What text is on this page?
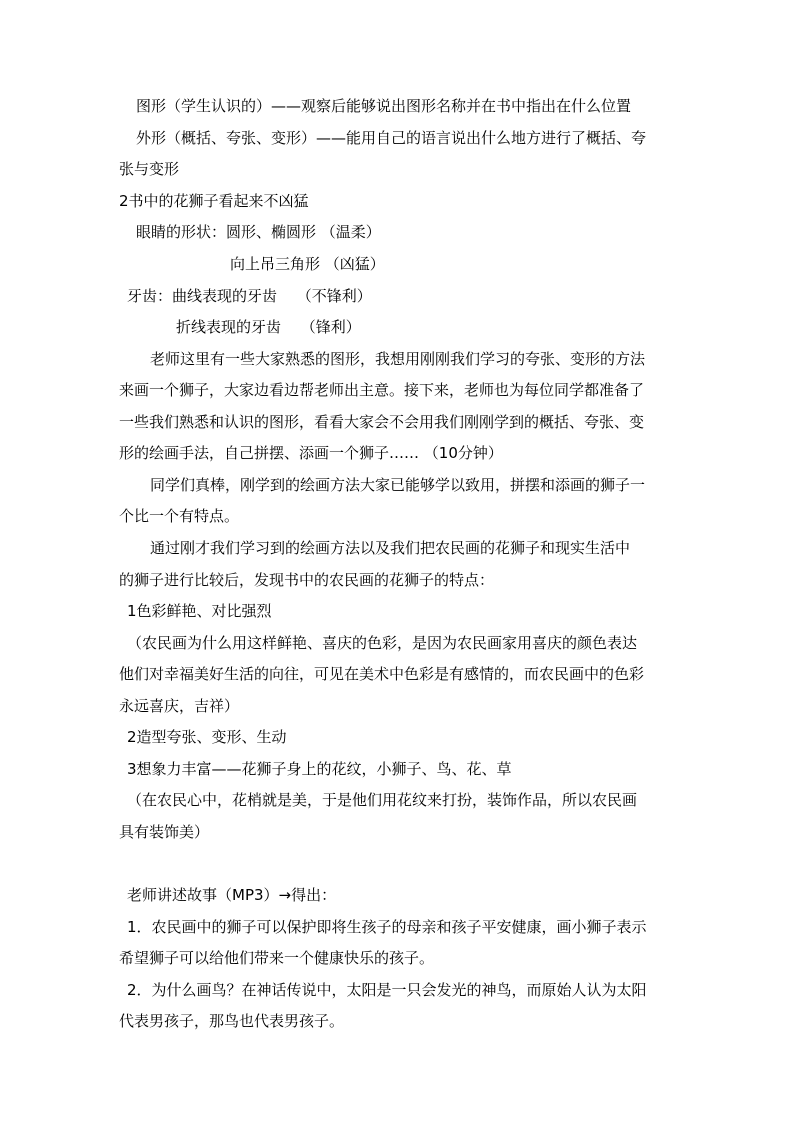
图形（学生认识的）——观察后能够说出图形名称并在书中指出在什么位置
外形（概括、夸张、变形）——能用自己的语言说出什么地方进行了概括、夸
张与变形
2书中的花狮子看起来不凶猛
眼睛的形状：圆形、椭圆形 （温柔）
向上吊三角形 （凶猛）
牙齿：曲线表现的牙齿　 （不锋利）
折线表现的牙齿　 （锋利）
老师这里有一些大家熟悉的图形，我想用刚刚我们学习的夸张、变形的方法
来画一个狮子，大家边看边帮老师出主意。接下来，老师也为每位同学都准备了
一些我们熟悉和认识的图形，看看大家会不会用我们刚刚学到的概括、夸张、变
形的绘画手法，自己拼摆、添画一个狮子…… （10分钟）
同学们真棒，刚学到的绘画方法大家已能够学以致用，拼摆和添画的狮子一
个比一个有特点。
通过刚才我们学习到的绘画方法以及我们把农民画的花狮子和现实生活中
的狮子进行比较后，发现书中的农民画的花狮子的特点：
1色彩鲜艳、对比强烈
（农民画为什么用这样鲜艳、喜庆的色彩，是因为农民画家用喜庆的颜色表达
他们对幸福美好生活的向往，可见在美术中色彩是有感情的，而农民画中的色彩
永远喜庆，吉祥）
2造型夸张、变形、生动
3想象力丰富——花狮子身上的花纹，小狮子、鸟、花、草
（在农民心中，花梢就是美，于是他们用花纹来打扮，装饰作品，所以农民画
具有装饰美）
老师讲述故事（MP3）→得出：
1．农民画中的狮子可以保护即将生孩子的母亲和孩子平安健康，画小狮子表示
希望狮子可以给他们带来一个健康快乐的孩子。
2．为什么画鸟？在神话传说中，太阳是一只会发光的神鸟，而原始人认为太阳
代表男孩子，那鸟也代表男孩子。
